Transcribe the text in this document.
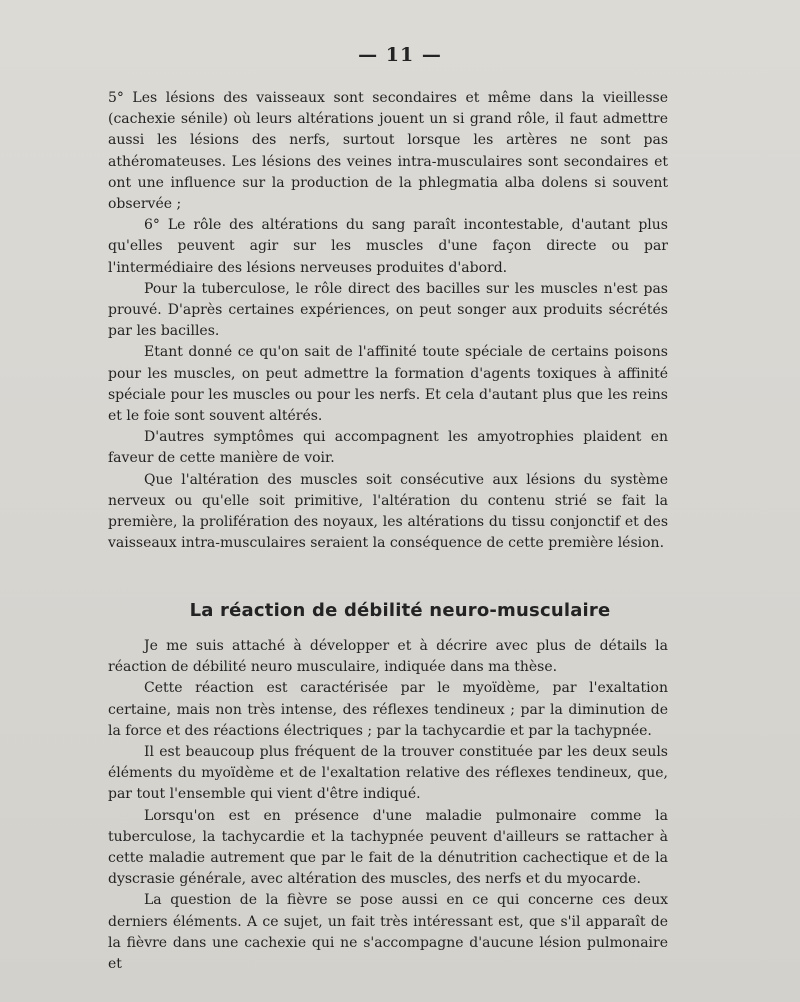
— 11 —

5° Les lésions des vaisseaux sont secondaires et même dans la vieillesse (cachexie sénile) où leurs altérations jouent un si grand rôle, il faut admettre aussi les lésions des nerfs, surtout lorsque les artères ne sont pas athéromateuses. Les lésions des veines intra-musculaires sont secondaires et ont une influence sur la production de la phlegmatia alba dolens si souvent observée ;

6° Le rôle des altérations du sang paraît incontestable, d'autant plus qu'elles peuvent agir sur les muscles d'une façon directe ou par l'intermédiaire des lésions nerveuses produites d'abord.

Pour la tuberculose, le rôle direct des bacilles sur les muscles n'est pas prouvé. D'après certaines expériences, on peut songer aux produits sécrétés par les bacilles.

Etant donné ce qu'on sait de l'affinité toute spéciale de certains poisons pour les muscles, on peut admettre la formation d'agents toxiques à affinité spéciale pour les muscles ou pour les nerfs. Et cela d'autant plus que les reins et le foie sont souvent altérés.

D'autres symptômes qui accompagnent les amyotrophies plaident en faveur de cette manière de voir.

Que l'altération des muscles soit consécutive aux lésions du système nerveux ou qu'elle soit primitive, l'altération du contenu strié se fait la première, la prolifération des noyaux, les altérations du tissu conjonctif et des vaisseaux intra-musculaires seraient la conséquence de cette première lésion.

La réaction de débilité neuro-musculaire

Je me suis attaché à développer et à décrire avec plus de détails la réaction de débilité neuro musculaire, indiquée dans ma thèse.

Cette réaction est caractérisée par le myoïdème, par l'exaltation certaine, mais non très intense, des réflexes tendineux ; par la diminution de la force et des réactions électriques ; par la tachycardie et par la tachypnée.

Il est beaucoup plus fréquent de la trouver constituée par les deux seuls éléments du myoïdème et de l'exaltation relative des réflexes tendineux, que, par tout l'ensemble qui vient d'être indiqué.

Lorsqu'on est en présence d'une maladie pulmonaire comme la tuberculose, la tachycardie et la tachypnée peuvent d'ailleurs se rattacher à cette maladie autrement que par le fait de la dénutrition cachectique et de la dyscrasie générale, avec altération des muscles, des nerfs et du myocarde.

La question de la fièvre se pose aussi en ce qui concerne ces deux derniers éléments. A ce sujet, un fait très intéressant est, que s'il apparaît de la fièvre dans une cachexie qui ne s'accompagne d'aucune lésion pulmonaire et
